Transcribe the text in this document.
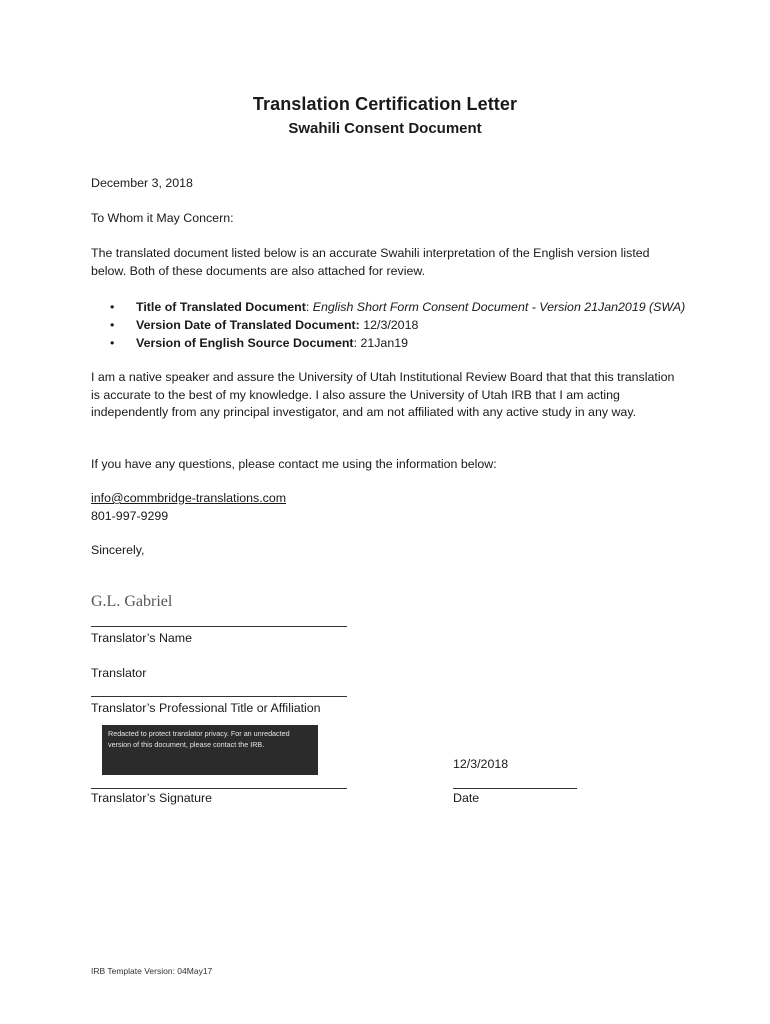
Translation Certification Letter
Swahili Consent Document
December 3, 2018
To Whom it May Concern:
The translated document listed below is an accurate Swahili interpretation of the English version listed below. Both of these documents are also attached for review.
• Title of Translated Document: English Short Form Consent Document - Version 21Jan2019 (SWA)
• Version Date of Translated Document: 12/3/2018
• Version of English Source Document: 21Jan19
I am a native speaker and assure the University of Utah Institutional Review Board that that this translation is accurate to the best of my knowledge. I also assure the University of Utah IRB that I am acting independently from any principal investigator, and am not affiliated with any active study in any way.
If you have any questions, please contact me using the information below:
info@commbridge-translations.com
801-997-9299
Sincerely,
G.L. Gabriel
Translator’s Name
Translator
Translator’s Professional Title or Affiliation
Redacted to protect translator privacy. For an unredacted version of this document, please contact the IRB.
12/3/2018
Translator’s Signature	Date
IRB Template Version: 04May17
